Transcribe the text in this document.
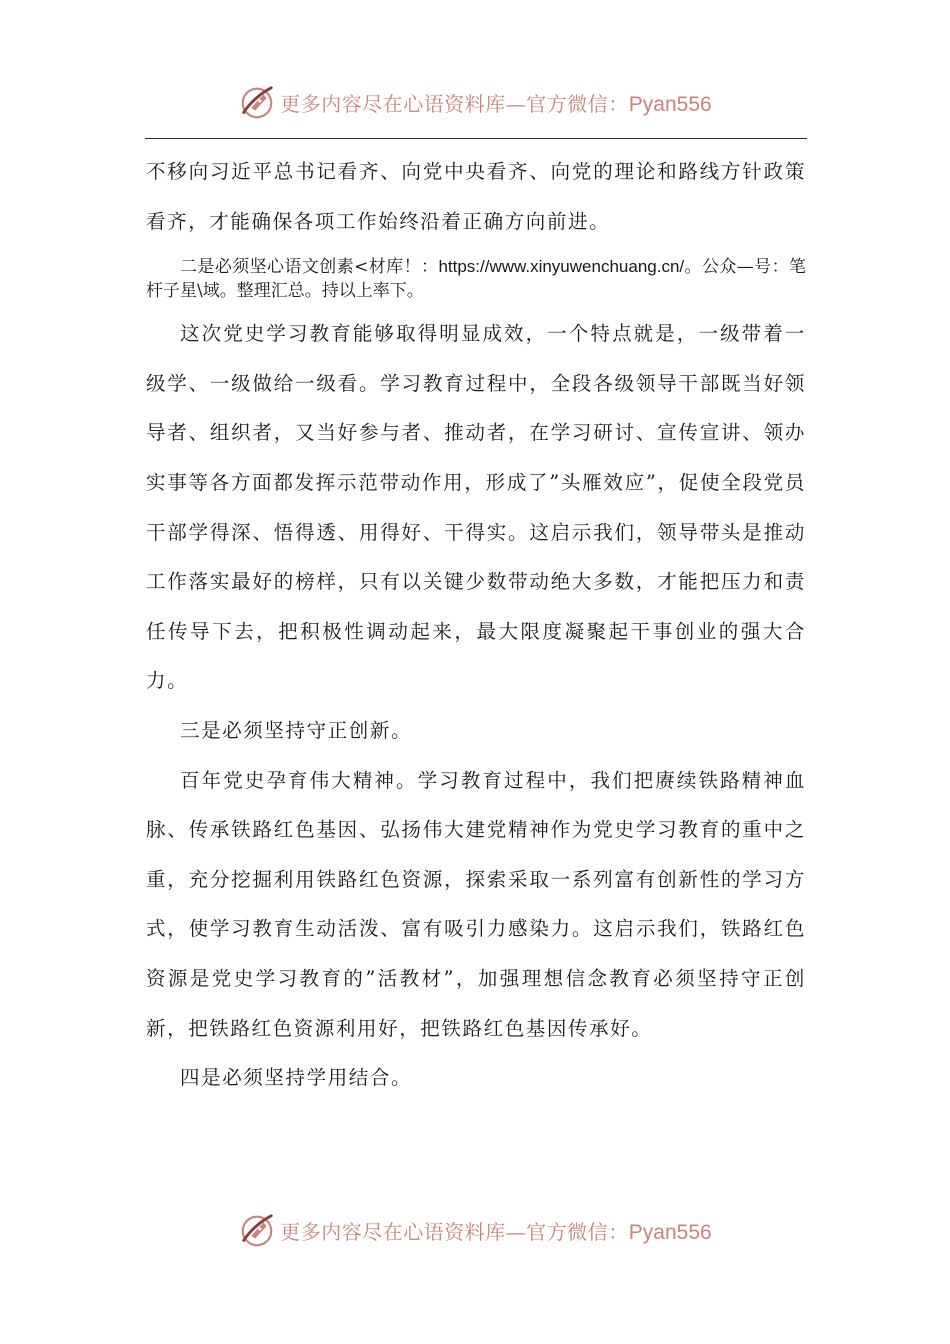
更多内容尽在心语资料库—官方微信：Pyan556

不移向习近平总书记看齐、向党中央看齐、向党的理论和路线方针政策看齐，才能确保各项工作始终沿着正确方向前进。

二是必须坚心语文创素<材库！：https://www.xinyuwenchuang.cn/。公众—号：笔杆子星\域。整理汇总。持以上率下。

这次党史学习教育能够取得明显成效，一个特点就是，一级带着一级学、一级做给一级看。学习教育过程中，全段各级领导干部既当好领导者、组织者，又当好参与者、推动者，在学习研讨、宣传宣讲、领办实事等各方面都发挥示范带动作用，形成了”头雁效应”，促使全段党员干部学得深、悟得透、用得好、干得实。这启示我们，领导带头是推动工作落实最好的榜样，只有以关键少数带动绝大多数，才能把压力和责任传导下去，把积极性调动起来，最大限度凝聚起干事创业的强大合力。

三是必须坚持守正创新。

百年党史孕育伟大精神。学习教育过程中，我们把赓续铁路精神血脉、传承铁路红色基因、弘扬伟大建党精神作为党史学习教育的重中之重，充分挖掘利用铁路红色资源，探索采取一系列富有创新性的学习方式，使学习教育生动活泼、富有吸引力感染力。这启示我们，铁路红色资源是党史学习教育的”活教材”，加强理想信念教育必须坚持守正创新，把铁路红色资源利用好，把铁路红色基因传承好。

四是必须坚持学用结合。

更多内容尽在心语资料库—官方微信：Pyan556
